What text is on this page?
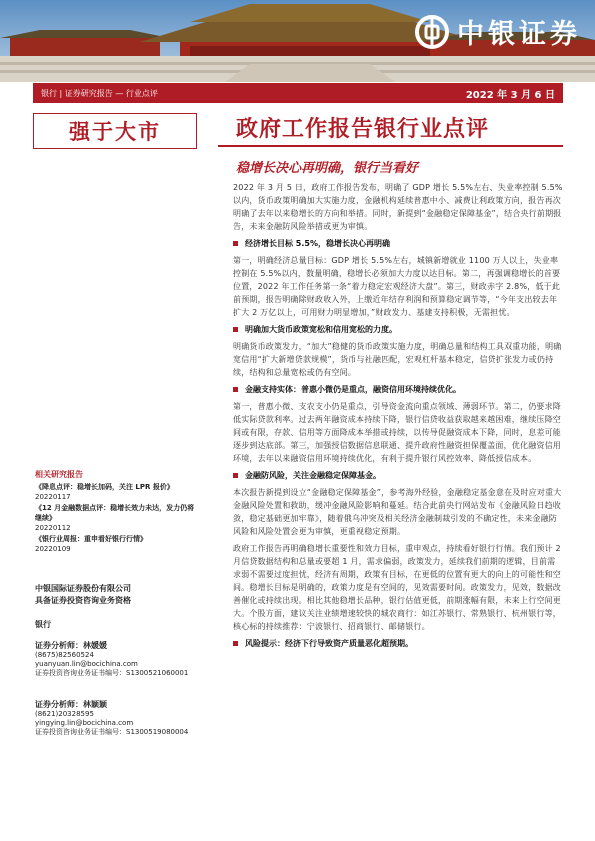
中银证券
银行 | 证券研究报告 — 行业点评	2022 年 3 月 6 日
强于大市	政府工作报告银行业点评
稳增长决心再明确，银行当看好
相关研究报告
《降息点评：稳增长加码，关注 LPR 报价》
20220117
《12 月金融数据点评：稳增长效力未达，发力仍将继续》
20220112
《银行业周报：重申看好银行行情》
20220109
中银国际证券股份有限公司
具备证券投资咨询业务资格
银行
证券分析师：林媛媛
(8675)82560524
yuanyuan.lin@bocichina.com
证券投资咨询业务证书编号：S1300521060001
证券分析师：林颖颖
(8621)20328595
yingying.lin@bocichina.com
证券投资咨询业务证书编号：S1300519080004

2022 年 3 月 5 日，政府工作报告发布，明确了 GDP 增长 5.5%左右、失业率控制 5.5%以内，货币政策明确加大实施力度，金融机构延续普惠中小、减费让利政策方向，报告再次明确了去年以来稳增长的方向和举措。同时，新提到“金融稳定保障基金”，结合央行前期报告，未来金融防风险举措或更为审慎。

经济增长目标 5.5%，稳增长决心再明确

第一，明确经济总量目标：GDP 增长 5.5%左右，城镇新增就业 1100 万人以上，失业率控制在 5.5%以内，数量明确，稳增长必须加大力度以达目标。第二，再强调稳增长的首要位置，2022 年工作任务第一条“着力稳定宏观经济大盘”。第三，财政赤字 2.8%，低于此前预期，报告明确除财政收入外，上缴近年结存利润和预算稳定调节等，“今年支出较去年扩大 2 万亿以上，可用财力明显增加，”财政发力、基建支持积极，无需担忧。

明确加大货币政策宽松和信用宽松的力度。

明确货币政策发力，“加大”稳健的货币政策实施力度，明确总量和结构工具双重功能，明确宽信用“扩大新增贷款规模”，货币与社融匹配，宏观杠杆基本稳定，信贷扩张发力或仍持续，结构和总量宽松或仍有空间。

金融支持实体：普惠小微仍是重点，融资信用环境持续优化。

第一，普惠小微、支农支小仍是重点，引导资金流向重点领域、薄弱环节。第二，仍要求降低实际贷款利率。过去两年融资成本持续下降，银行信贷收益获取越来越困难，继续压降空间或有限，存款、信用等方面降成本举措或持续，以传导促融资成本下降，同时，息差可能逐步到达底部。第三，加强授信数据信息联通、提升政府性融资担保覆盖面，优化融资信用环境，去年以来融资信用环境持续优化，有利于提升银行风控效率、降低授信成本。

金融防风险，关注金融稳定保障基金。

本次报告新提到设立“金融稳定保障基金”，参考海外经验，金融稳定基金意在及时应对重大金融风险处置和救助，缓冲金融风险影响和蔓延。结合此前央行网站发布《金融风险日趋收敛，稳定基础更加牢靠》，随着俄乌冲突及相关经济金融制裁引发的不确定性，未来金融防风险和风险处置会更为审慎，更重视稳定预期。

政府工作报告再明确稳增长重要性和效力目标，重申观点，持续看好银行行情。我们预计 2 月信贷数据结构和总量或要超 1 月，需求偏弱，政策发力，延续我们前期的逻辑，目前需求弱不需要过度担忧，经济有周期，政策有目标，在更低的位置有更大的向上的可能性和空间。稳增长目标是明确的，政策力度是有空间的，见效需要时间。政策发力，见效，数据改善催化或持续出现。相比其他稳增长品种，银行估值更低，前期涨幅有限，未来上行空间更大。个股方面，建议关注业绩增速较快的城农商行：如江苏银行、常熟银行、杭州银行等，核心标的持续推荐：宁波银行、招商银行、邮储银行。

风险提示：经济下行导致资产质量恶化超预期。
